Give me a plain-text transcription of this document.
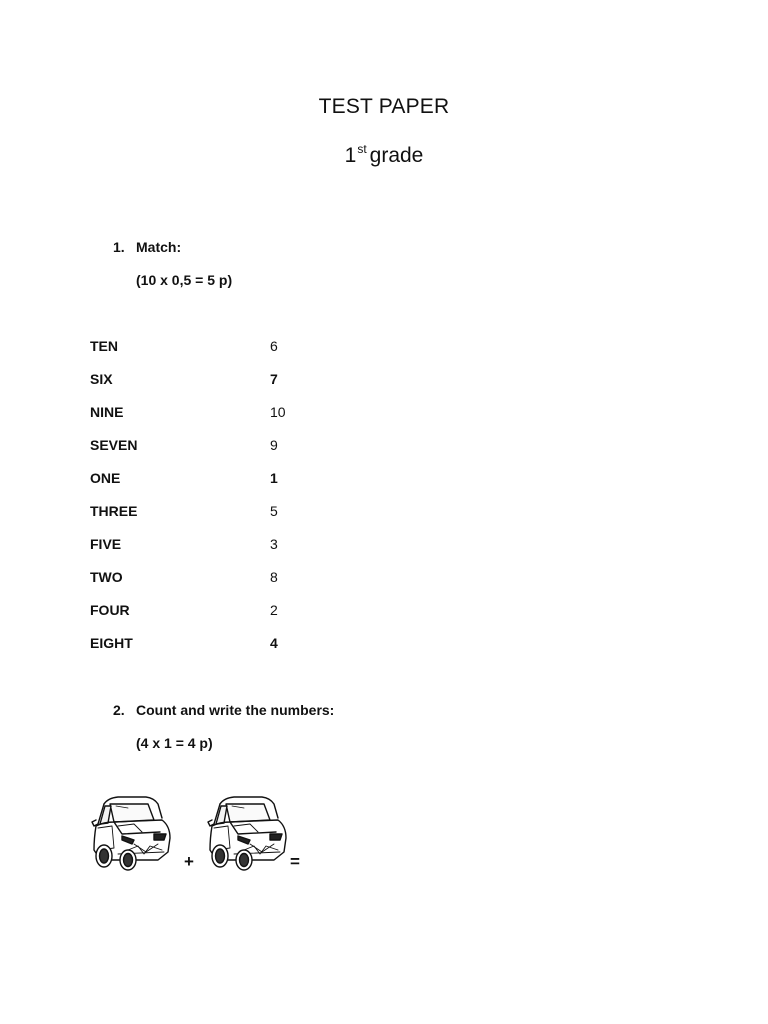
TEST PAPER
1st grade
1. Match:
(10 x 0,5 = 5 p)
TEN	6
SIX	7
NINE	10
SEVEN	9
ONE	1
THREE	5
FIVE	3
TWO	8
FOUR	2
EIGHT	4
2. Count and write the numbers:
(4 x 1 = 4 p)
+	=
